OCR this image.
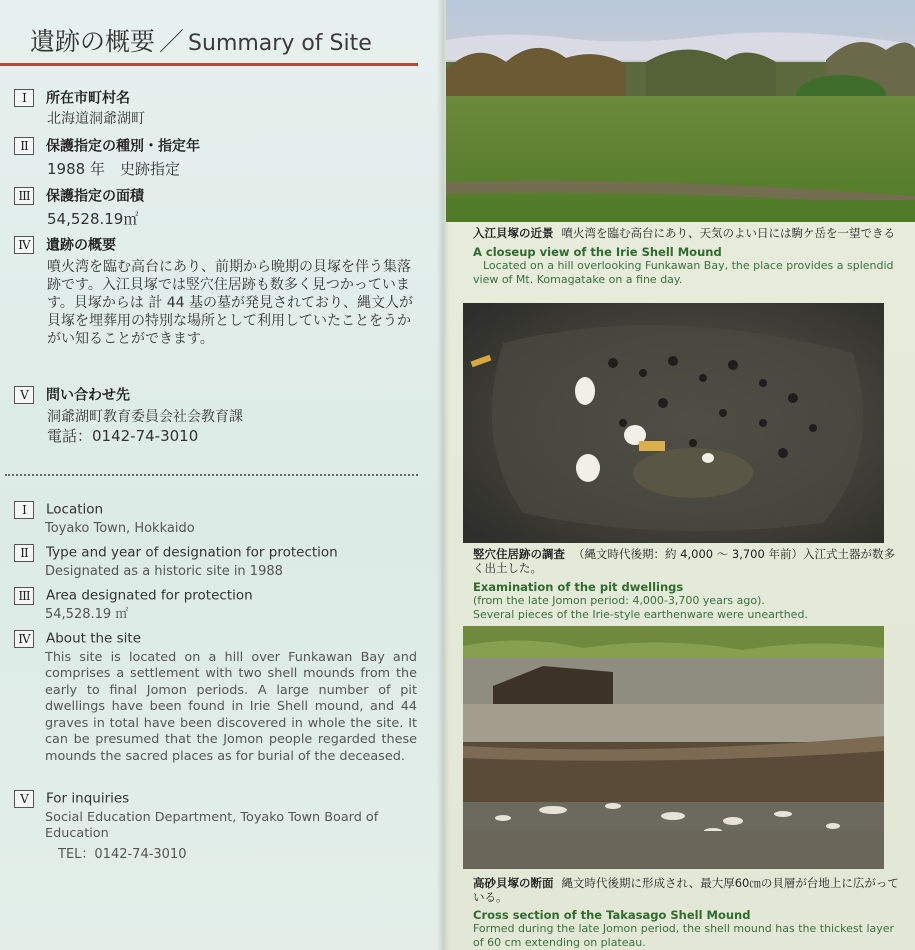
遺跡の概要 ／ Summary of Site
I 所在市町村名
北海道洞爺湖町
II 保護指定の種別・指定年
1988 年　史跡指定
III 保護指定の面積
54,528.19㎡
IV 遺跡の概要
噴火湾を臨む高台にあり、前期から晩期の貝塚を伴う集落跡です。入江貝塚では竪穴住居跡も数多く見つかっています。貝塚からは 計 44 基の墓が発見されており、縄文人が貝塚を埋葬用の特別な場所として利用していたことをうかがい知ることができます。
V 問い合わせ先
洞爺湖町教育委員会社会教育課
電話：0142-74-3010
I Location
Toyako Town, Hokkaido
II Type and year of designation for protection
Designated as a historic site in 1988
III Area designated for protection
54,528.19 ㎡
IV About the site
This site is located on a hill over Funkawan Bay and comprises a settlement with two shell mounds from the early to final Jomon periods. A large number of pit dwellings have been found in Irie Shell mound, and 44 graves in total have been discovered in whole the site. It can be presumed that the Jomon people regarded these mounds the sacred places as for burial of the deceased.
V For inquiries
Social Education Department, Toyako Town Board of Education
TEL：0142-74-3010
入江貝塚の近景 噴火湾を臨む高台にあり、天気のよい日には駒ケ岳を一望できる
A closeup view of the Irie Shell Mound
Located on a hill overlooking Funkawan Bay, the place provides a splendid view of Mt. Komagatake on a fine day.
竪穴住居跡の調査 （縄文時代後期：約 4,000 ～ 3,700 年前）入江式土器が数多く出土した。
Examination of the pit dwellings
(from the late Jomon period: 4,000-3,700 years ago).
Several pieces of the Irie-style earthenware were unearthed.
高砂貝塚の断面 縄文時代後期に形成され、最大厚60㎝の貝層が台地上に広がっている。
Cross section of the Takasago Shell Mound
Formed during the late Jomon period, the shell mound has the thickest layer of 60 cm extending on plateau.
